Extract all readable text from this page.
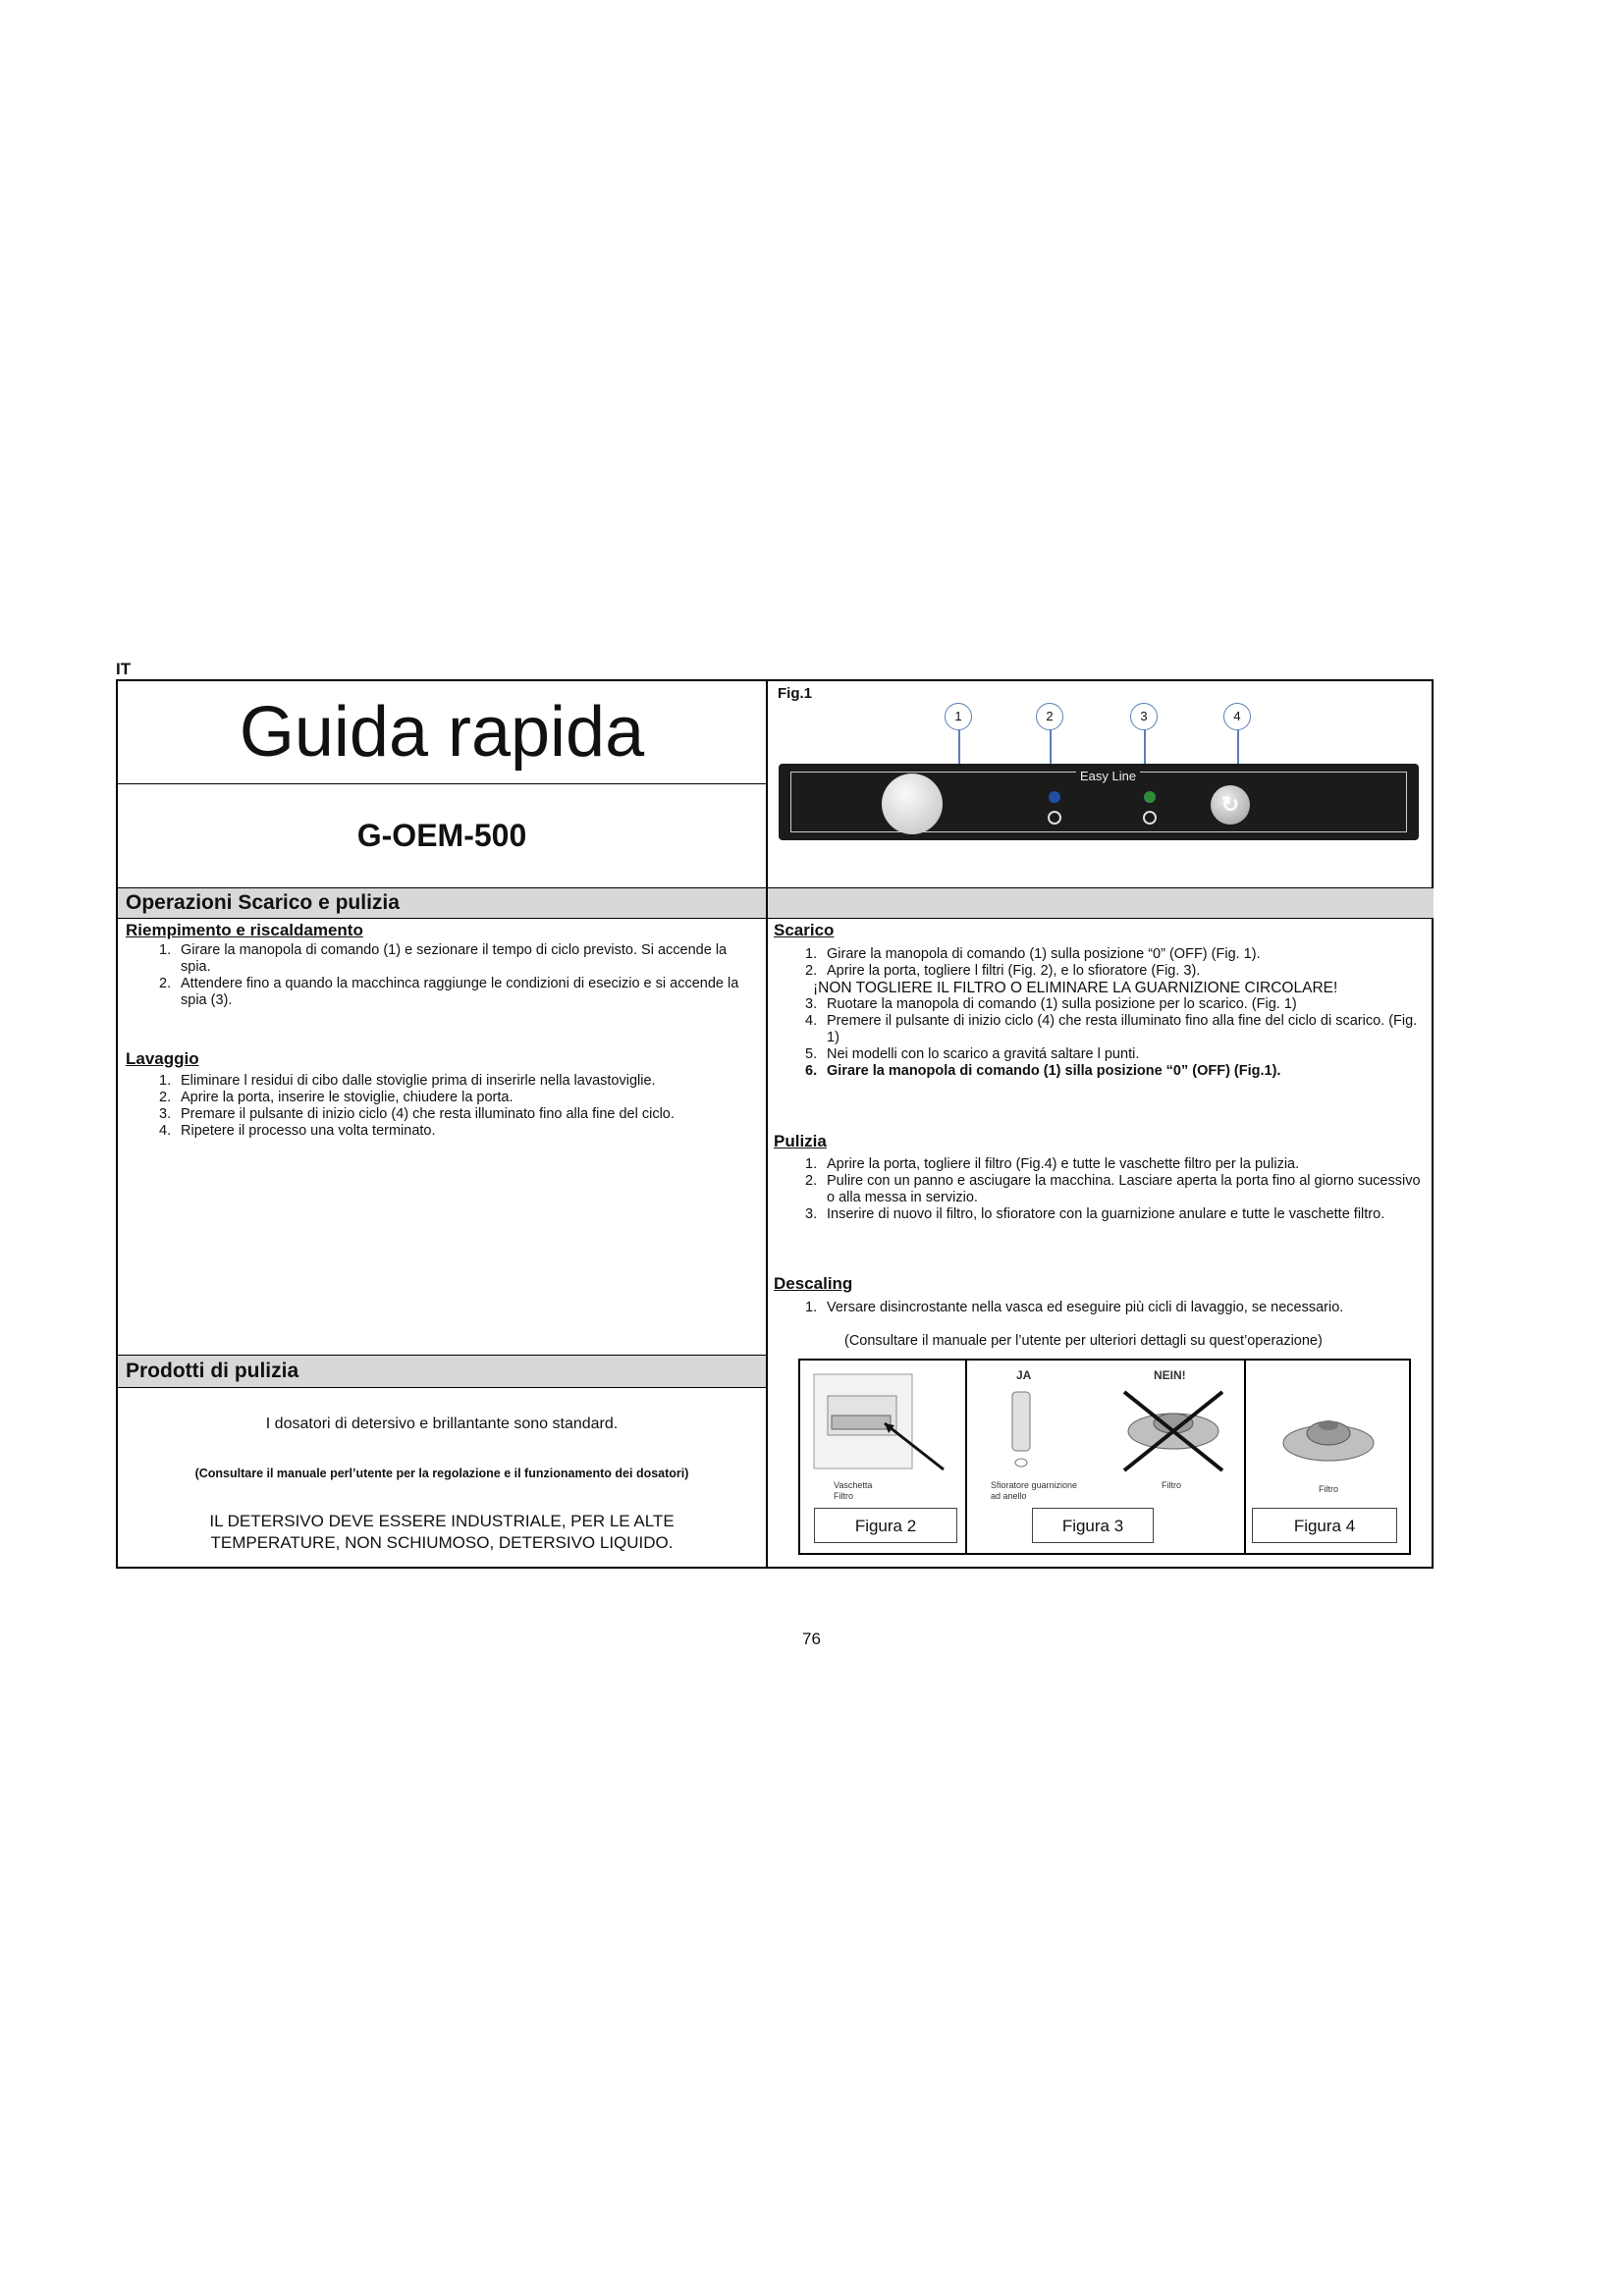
IT
Guida rapida
G-OEM-500
Operazioni Scarico e pulizia
Riempimento e riscaldamento
1. Girare la manopola di comando (1) e sezionare il tempo di ciclo previsto. Si accende la spia.
2. Attendere fino a quando la macchinca raggiunge le condizioni di esecizio e si accende la spia (3).
Lavaggio
1. Eliminare l residui di cibo dalle stoviglie prima di inserirle nella lavastoviglie.
2. Aprire la porta, inserire le stoviglie, chiudere la porta.
3. Premare il pulsante di inizio ciclo (4) che resta illuminato fino alla fine del ciclo.
4. Ripetere il processo una volta terminato.
Prodotti di pulizia
I dosatori di detersivo e brillantante sono standard.
(Consultare il manuale perl’utente per la regolazione e il funzionamento dei dosatori)
IL DETERSIVO DEVE ESSERE INDUSTRIALE, PER LE ALTE
TEMPERATURE, NON SCHIUMOSO, DETERSIVO LIQUIDO.
Fig.1
1	2	3	4
Easy Line
↻
Scarico
1. Girare la manopola di comando (1) sulla posizione “0” (OFF) (Fig. 1).
2. Aprire la porta, togliere l filtri (Fig. 2), e lo sfioratore (Fig. 3).
¡NON TOGLIERE IL FILTRO O ELIMINARE LA GUARNIZIONE CIRCOLARE!
3. Ruotare la manopola di comando (1) sulla posizione per lo scarico. (Fig. 1)
4. Premere il pulsante di inizio ciclo (4) che resta illuminato fino alla fine del ciclo di scarico. (Fig. 1)
5. Nei modelli con lo scarico a gravitá saltare l punti.
6. Girare la manopola di comando (1) silla posizione “0” (OFF) (Fig.1).
Pulizia
1. Aprire la porta, togliere il filtro (Fig.4) e tutte le vaschette filtro per la pulizia.
2. Pulire con un panno e asciugare la macchina. Lasciare aperta la porta fino al giorno sucessivo o alla messa in servizio.
3. Inserire di nuovo il filtro, lo sfioratore con la guarnizione anulare e tutte le vaschette filtro.
Descaling
1. Versare disincrostante nella vasca ed eseguire più cicli di lavaggio, se necessario.
(Consultare il manuale per l’utente per ulteriori dettagli su quest’operazione)
Vaschetta Filtro
Figura 2
JA	NEIN!
Sfioratore guarnizione ad anello
Filtro
Figura 3
Filtro
Figura 4
76
